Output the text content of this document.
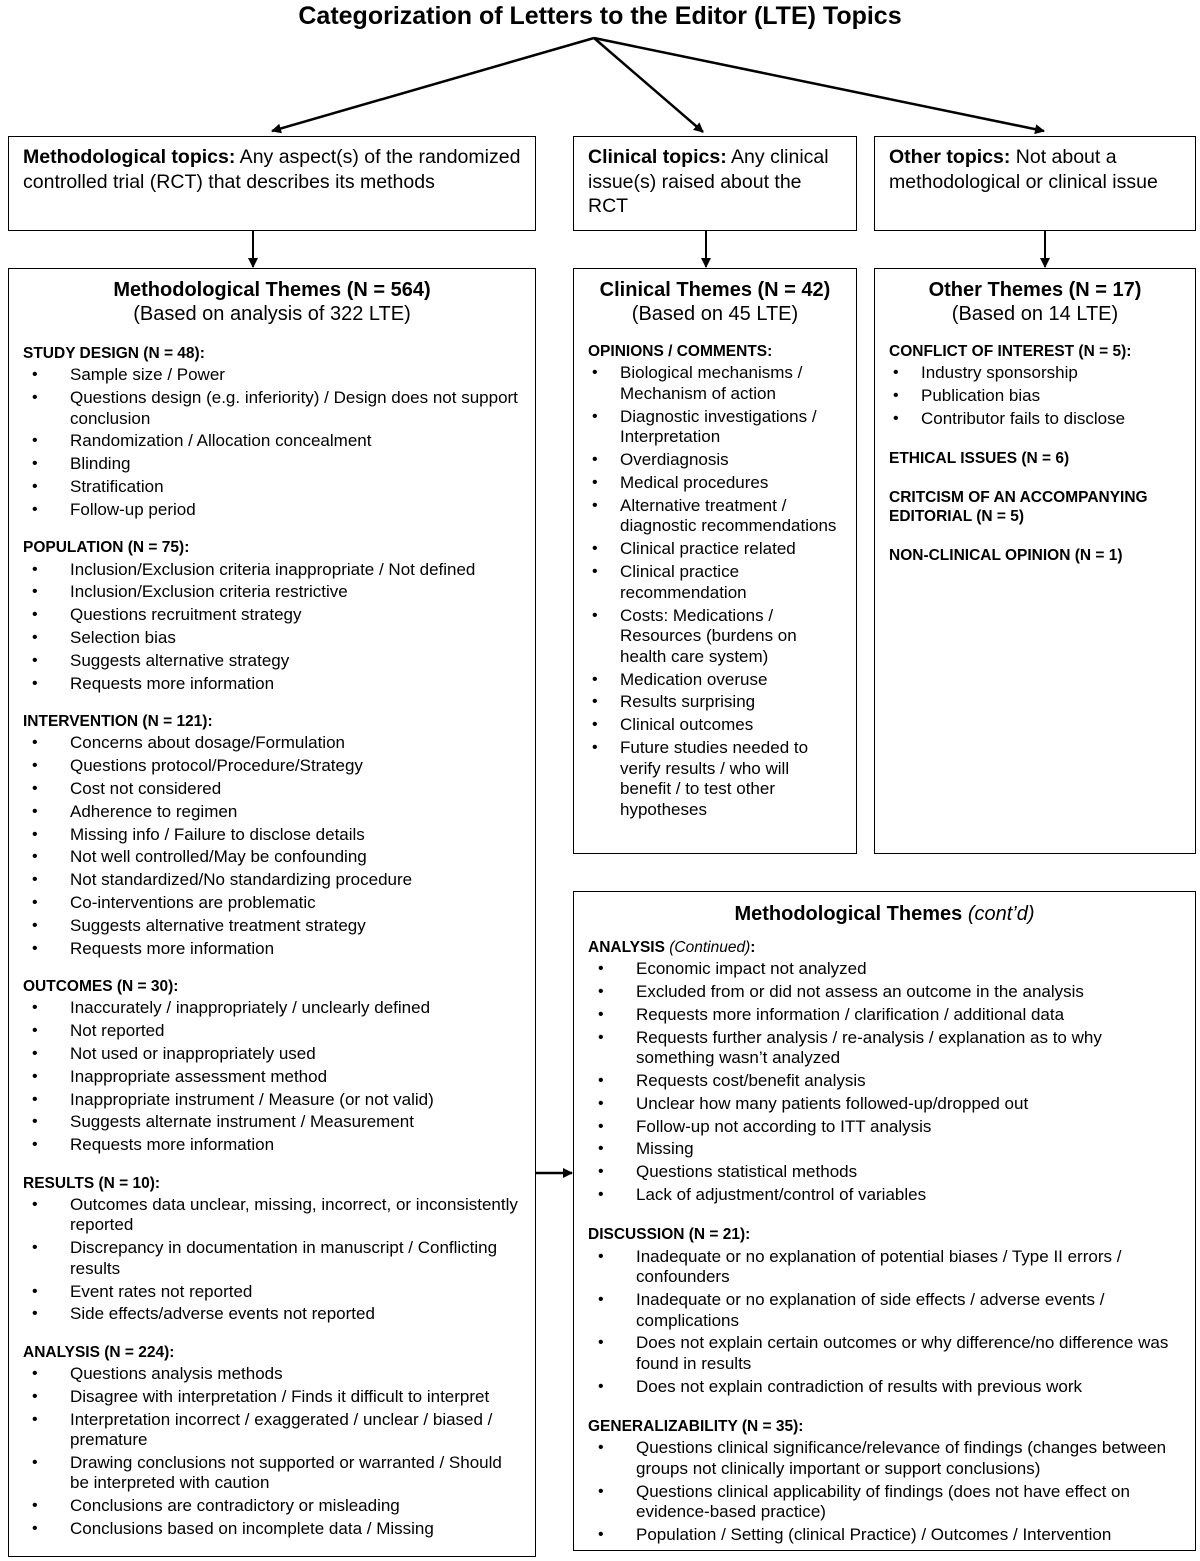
Categorization of Letters to the Editor (LTE) Topics
Methodological topics: Any aspect(s) of the randomized controlled trial (RCT) that describes its methods
Clinical topics: Any clinical issue(s) raised about the RCT
Other topics: Not about a methodological or clinical issue
Methodological Themes (N = 564)
(Based on analysis of 322 LTE)

STUDY DESIGN (N = 48):

• Sample size / Power
• Questions design (e.g. inferiority) / Design does not support conclusion
• Randomization / Allocation concealment
• Blinding
• Stratification
• Follow-up period

POPULATION (N = 75):

• Inclusion/Exclusion criteria inappropriate / Not defined
• Inclusion/Exclusion criteria restrictive
• Questions recruitment strategy
• Selection bias
• Suggests alternative strategy
• Requests more information

INTERVENTION (N = 121):

• Concerns about dosage/Formulation
• Questions protocol/Procedure/Strategy
• Cost not considered
• Adherence to regimen
• Missing info / Failure to disclose details
• Not well controlled/May be confounding
• Not standardized/No standardizing procedure
• Co-interventions are problematic
• Suggests alternative treatment strategy
• Requests more information

OUTCOMES (N = 30):

• Inaccurately / inappropriately / unclearly defined
• Not reported
• Not used or inappropriately used
• Inappropriate assessment method
• Inappropriate instrument / Measure (or not valid)
• Suggests alternate instrument / Measurement
• Requests more information

RESULTS (N = 10):

• Outcomes data unclear, missing, incorrect, or inconsistently reported
• Discrepancy in documentation in manuscript / Conflicting results
• Event rates not reported
• Side effects/adverse events not reported

ANALYSIS (N = 224):

• Questions analysis methods
• Disagree with interpretation / Finds it difficult to interpret
• Interpretation incorrect / exaggerated / unclear / biased / premature
• Drawing conclusions not supported or warranted / Should be interpreted with caution
• Conclusions are contradictory or misleading
• Conclusions based on incomplete data / Missing
Clinical Themes (N = 42)
(Based on 45 LTE)

OPINIONS / COMMENTS:

• Biological mechanisms / Mechanism of action
• Diagnostic investigations / Interpretation
• Overdiagnosis
• Medical procedures
• Alternative treatment / diagnostic recommendations
• Clinical practice related
• Clinical practice recommendation
• Costs: Medications / Resources (burdens on health care system)
• Medication overuse
• Results surprising
• Clinical outcomes
• Future studies needed to verify results / who will benefit / to test other hypotheses
Other Themes (N = 17)
(Based on 14 LTE)

CONFLICT OF INTEREST (N = 5):

• Industry sponsorship
• Publication bias
• Contributor fails to disclose

ETHICAL ISSUES (N = 6)

CRITCISM OF AN ACCOMPANYING EDITORIAL (N = 5)

NON-CLINICAL OPINION (N = 1)

Methodological Themes (cont’d)

ANALYSIS (Continued):

• Economic impact not analyzed
• Excluded from or did not assess an outcome in the analysis
• Requests more information / clarification / additional data
• Requests further analysis / re-analysis / explanation as to why something wasn’t analyzed
• Requests cost/benefit analysis
• Unclear how many patients followed-up/dropped out
• Follow-up not according to ITT analysis
• Missing
• Questions statistical methods
• Lack of adjustment/control of variables

DISCUSSION (N = 21):

• Inadequate or no explanation of potential biases / Type II errors / confounders
• Inadequate or no explanation of side effects / adverse events / complications
• Does not explain certain outcomes or why difference/no difference was found in results
• Does not explain contradiction of results with previous work

GENERALIZABILITY (N = 35):

• Questions clinical significance/relevance of findings (changes between groups not clinically important or support conclusions)
• Questions clinical applicability of findings (does not have effect on evidence-based practice)
• Population / Setting (clinical Practice) / Outcomes / Intervention
